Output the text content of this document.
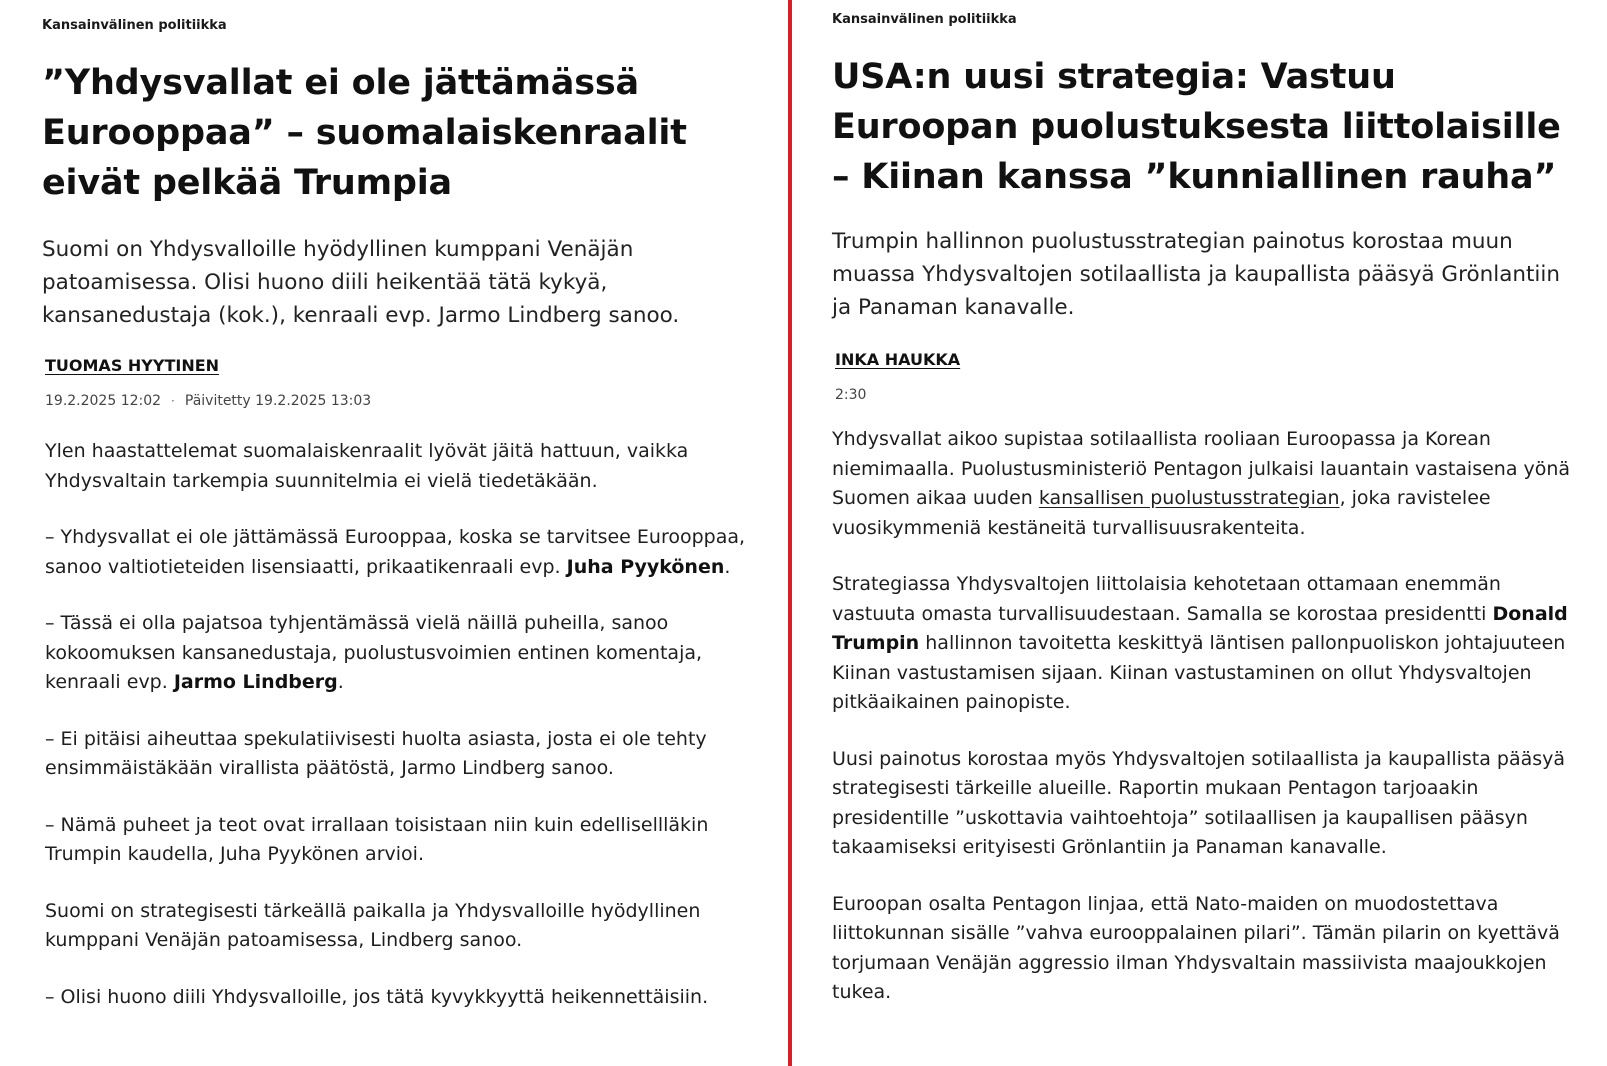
Kansainvälinen politiikka
”Yhdysvallat ei ole jättämässä Eurooppaa” – suomalaiskenraalit eivät pelkää Trumpia

Suomi on Yhdysvalloille hyödyllinen kumppani Venäjän patoamisessa. Olisi huono diili heikentää tätä kykyä, kansanedustaja (kok.), kenraali evp. Jarmo Lindberg sanoo.

TUOMAS HYYTINEN
19.2.2025 12:02 · Päivitetty 19.2.2025 13:03

Ylen haastattelemat suomalaiskenraalit lyövät jäitä hattuun, vaikka Yhdysvaltain tarkempia suunnitelmia ei vielä tiedetäkään.

– Yhdysvallat ei ole jättämässä Eurooppaa, koska se tarvitsee Eurooppaa, sanoo valtiotieteiden lisensiaatti, prikaatikenraali evp. Juha Pyykönen.

– Tässä ei olla pajatsoa tyhjentämässä vielä näillä puheilla, sanoo kokoomuksen kansanedustaja, puolustusvoimien entinen komentaja, kenraali evp. Jarmo Lindberg.

– Ei pitäisi aiheuttaa spekulatiivisesti huolta asiasta, josta ei ole tehty ensimmäistäkään virallista päätöstä, Jarmo Lindberg sanoo.

– Nämä puheet ja teot ovat irrallaan toisistaan niin kuin edellisellläkin Trumpin kaudella, Juha Pyykönen arvioi.

Suomi on strategisesti tärkeällä paikalla ja Yhdysvalloille hyödyllinen kumppani Venäjän patoamisessa, Lindberg sanoo.

– Olisi huono diili Yhdysvalloille, jos tätä kyvykkyyttä heikennettäisiin.

Kansainvälinen politiikka
USA:n uusi strategia: Vastuu Euroopan puolustuksesta liittolaisille – Kiinan kanssa ”kunniallinen rauha”

Trumpin hallinnon puolustusstrategian painotus korostaa muun muassa Yhdysvaltojen sotilaallista ja kaupallista pääsyä Grönlantiin ja Panaman kanavalle.

INKA HAUKKA
2:30

Yhdysvallat aikoo supistaa sotilaallista rooliaan Euroopassa ja Korean niemimaalla. Puolustusministeriö Pentagon julkaisi lauantain vastaisena yönä Suomen aikaa uuden kansallisen puolustusstrategian, joka ravistelee vuosikymmeniä kestäneitä turvallisuusrakenteita.

Strategiassa Yhdysvaltojen liittolaisia kehotetaan ottamaan enemmän vastuuta omasta turvallisuudestaan. Samalla se korostaa presidentti Donald Trumpin hallinnon tavoitetta keskittyä läntisen pallonpuoliskon johtajuuteen Kiinan vastustamisen sijaan. Kiinan vastustaminen on ollut Yhdysvaltojen pitkäaikainen painopiste.

Uusi painotus korostaa myös Yhdysvaltojen sotilaallista ja kaupallista pääsyä strategisesti tärkeille alueille. Raportin mukaan Pentagon tarjoaakin presidentille ”uskottavia vaihtoehtoja” sotilaallisen ja kaupallisen pääsyn takaamiseksi erityisesti Grönlantiin ja Panaman kanavalle.

Euroopan osalta Pentagon linjaa, että Nato-maiden on muodostettava liittokunnan sisälle ”vahva eurooppalainen pilari”. Tämän pilarin on kyettävä torjumaan Venäjän aggressio ilman Yhdysvaltain massiivista maajoukkojen tukea.
